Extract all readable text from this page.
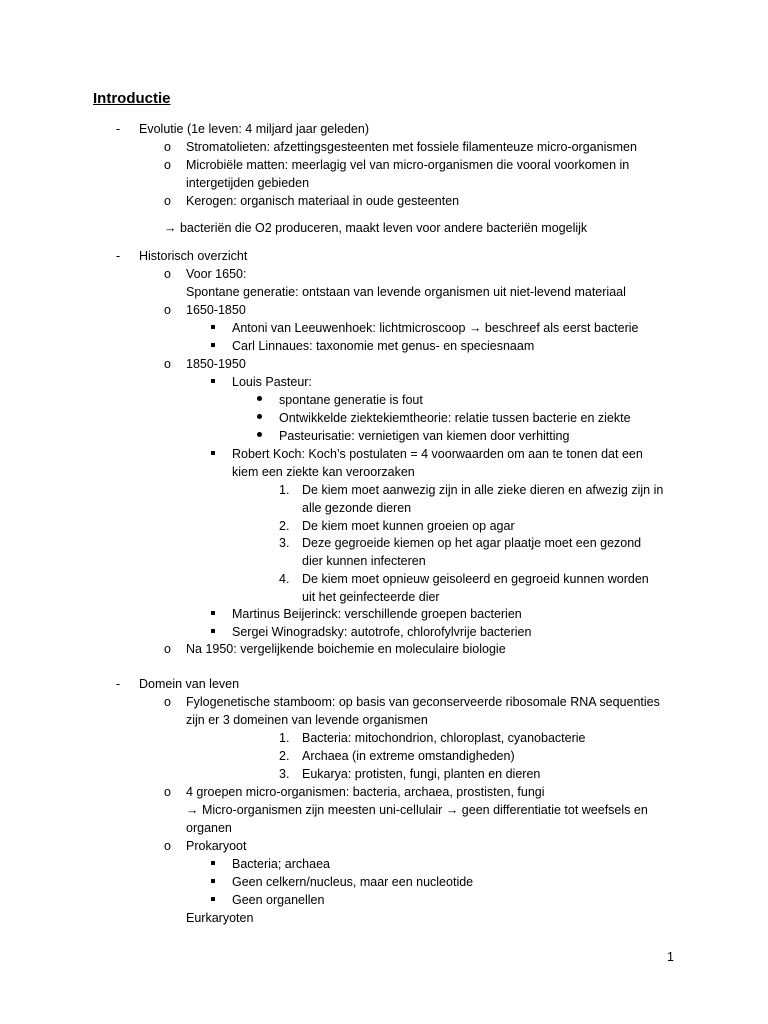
Introductie
- Evolutie (1e leven: 4 miljard jaar geleden)
o Stromatolieten: afzettingsgesteenten met fossiele filamenteuze micro-organismen
o Microbiële matten: meerlagig vel van micro-organismen die vooral voorkomen in
intergetijden gebieden
o Kerogen: organisch materiaal in oude gesteenten
→ bacteriën die O2 produceren, maakt leven voor andere bacteriën mogelijk
- Historisch overzicht
o Voor 1650:
Spontane generatie: ontstaan van levende organismen uit niet-levend materiaal
o 1650-1850
Antoni van Leeuwenhoek: lichtmicroscoop → beschreef als eerst bacterie
Carl Linnaues: taxonomie met genus- en speciesnaam
o 1850-1950
Louis Pasteur:
spontane generatie is fout
Ontwikkelde ziektekiemtheorie: relatie tussen bacterie en ziekte
Pasteurisatie: vernietigen van kiemen door verhitting
Robert Koch: Koch’s postulaten = 4 voorwaarden om aan te tonen dat een
kiem een ziekte kan veroorzaken
1. De kiem moet aanwezig zijn in alle zieke dieren en afwezig zijn in
alle gezonde dieren
2. De kiem moet kunnen groeien op agar
3. Deze gegroeide kiemen op het agar plaatje moet een gezond
dier kunnen infecteren
4. De kiem moet opnieuw geisoleerd en gegroeid kunnen worden
uit het geinfecteerde dier
Martinus Beijerinck: verschillende groepen bacterien
Sergei Winogradsky: autotrofe, chlorofylvrije bacterien
o Na 1950: vergelijkende boichemie en moleculaire biologie
- Domein van leven
o Fylogenetische stamboom: op basis van geconserveerde ribosomale RNA sequenties
zijn er 3 domeinen van levende organismen
1. Bacteria: mitochondrion, chloroplast, cyanobacterie
2. Archaea (in extreme omstandigheden)
3. Eukarya: protisten, fungi, planten en dieren
o 4 groepen micro-organismen: bacteria, archaea, prostisten, fungi
→ Micro-organismen zijn meesten uni-cellulair → geen differentiatie tot weefsels en
organen
o Prokaryoot
Bacteria; archaea
Geen celkern/nucleus, maar een nucleotide
Geen organellen
Eurkaryoten
1
